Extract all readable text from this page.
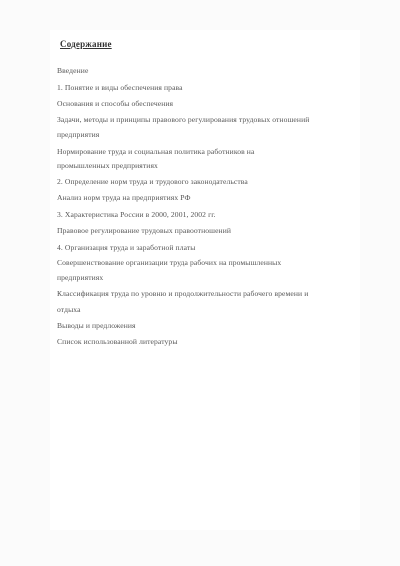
Содержание
Введение
1. Понятие и виды обеспечения права
Основания и способы обеспечения
Задачи, методы и принципы правового регулирования трудовых отношений
предприятия
Нормирование труда и социальная политика работников на
промышленных предприятиях
2. Определение норм труда и трудового законодательства
Анализ норм труда на предприятиях РФ
3. Характеристика России в 2000, 2001, 2002 гг.
Правовое регулирование трудовых правоотношений
4. Организация труда и заработной платы
Совершенствование организации труда рабочих на промышленных
предприятиях
Классификация труда по уровню и продолжительности рабочего времени и
отдыха
Выводы и предложения
Список использованной литературы
